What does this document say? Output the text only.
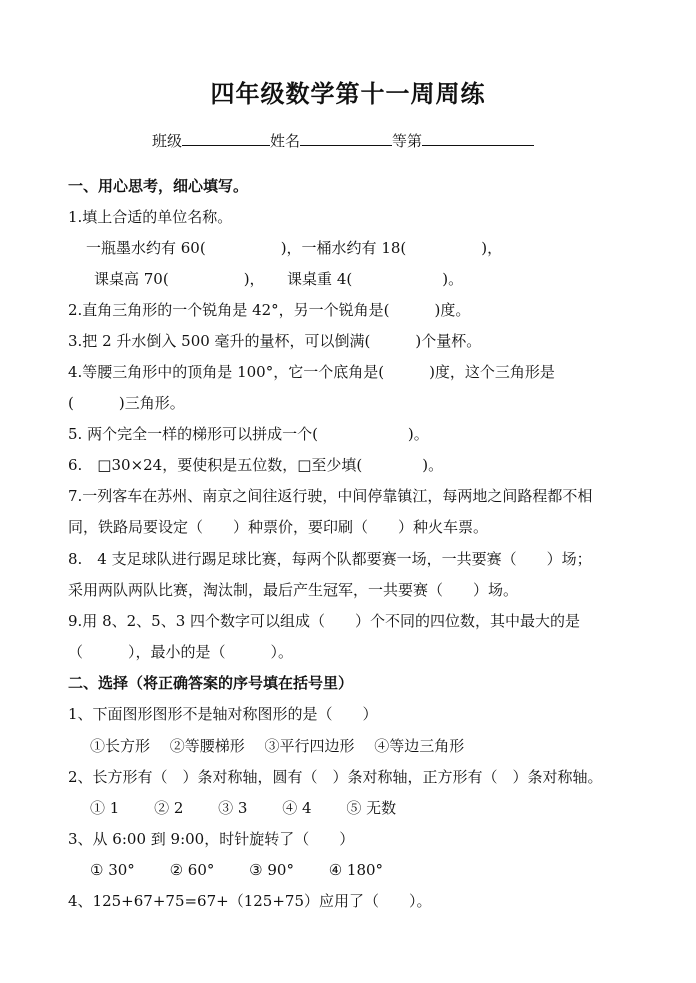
四年级数学第十一周周练
班级	姓名	等第
一、用心思考，细心填写。
1.填上合适的单位名称。
一瓶墨水约有 60(　　　　　)，一桶水约有 18(　　　　　)，
课桌高 70(　　　　　)，　　课桌重 4(　　　　　　)。
2.直角三角形的一个锐角是 42°，另一个锐角是(　　　)度。
3.把 2 升水倒入 500 毫升的量杯，可以倒满(　　　)个量杯。
4.等腰三角形中的顶角是 100°，它一个底角是(　　　)度，这个三角形是
(　　　)三角形。
5. 两个完全一样的梯形可以拼成一个(　　　　　　)。
6.　□30×24，要使积是五位数，□至少填(　　　　)。
7.一列客车在苏州、南京之间往返行驶，中间停靠镇江，每两地之间路程都不相
同，铁路局要设定（　　）种票价，要印刷（　　）种火车票。
8.　4 支足球队进行踢足球比赛，每两个队都要赛一场，一共要赛（　　）场；
采用两队两队比赛，淘汰制，最后产生冠军，一共要赛（　　）场。
9.用 8、2、5、3 四个数字可以组成（　　）个不同的四位数，其中最大的是
（　　　），最小的是（　　　）。
二、选择（将正确答案的序号填在括号里）
1、下面图形图形不是轴对称图形的是（　　）
①长方形　 ②等腰梯形　 ③平行四边形　 ④等边三角形
2、长方形有（　）条对称轴，圆有（　）条对称轴，正方形有（　）条对称轴。
① 1　　 ② 2　　 ③ 3　　 ④ 4　　 ⑤ 无数
3、从 6:00 到 9:00，时针旋转了（　　）
① 30°　　 ② 60°　　 ③ 90°　　 ④ 180°
4、125+67+75=67+（125+75）应用了（　　）。
